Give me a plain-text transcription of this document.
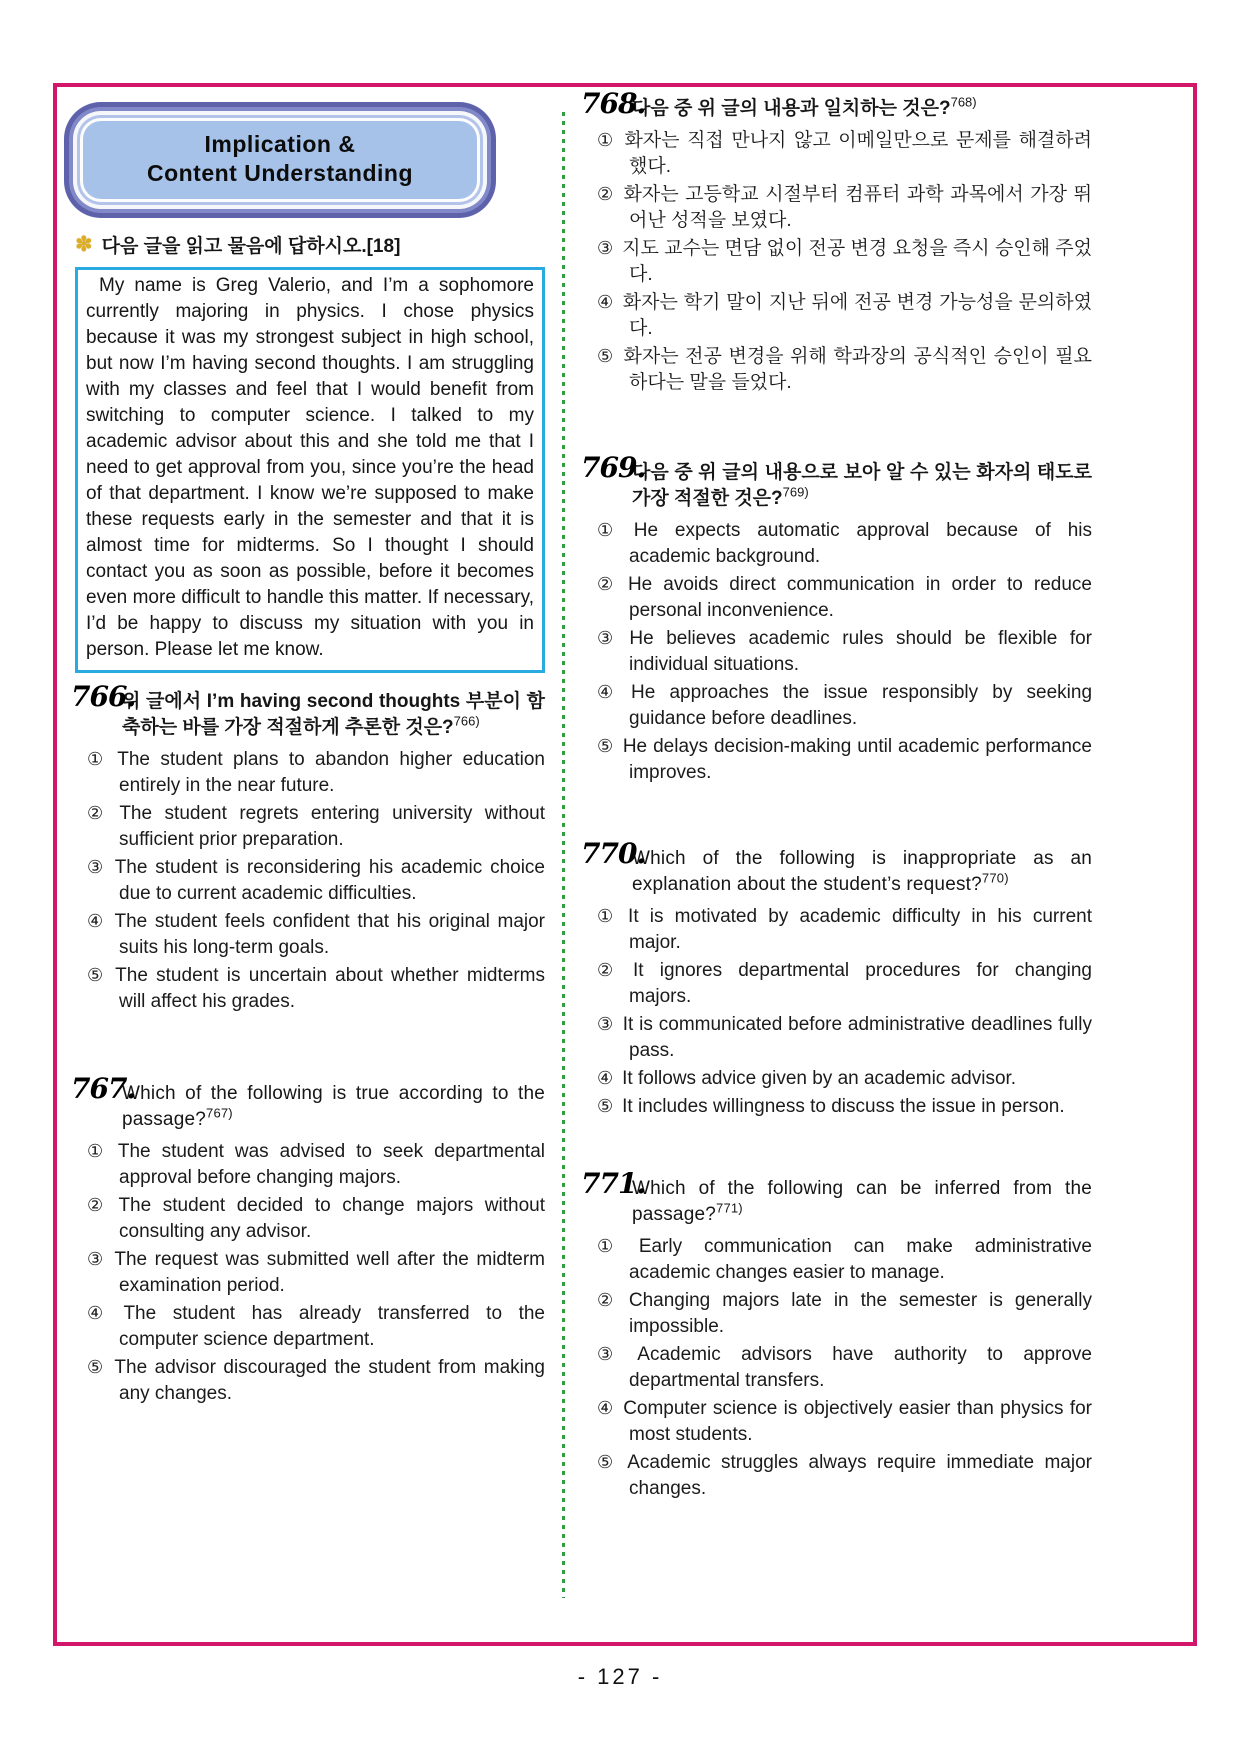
Implication &
Content Understanding
✽ 다음 글을 읽고 물음에 답하시오.[18]

My name is Greg Valerio, and I’m a sophomore currently majoring in physics. I chose physics because it was my strongest subject in high school, but now I’m having second thoughts. I am struggling with my classes and feel that I would benefit from switching to computer science. I talked to my academic advisor about this and she told me that I need to get approval from you, since you’re the head of that department. I know we’re supposed to make these requests early in the semester and that it is almost time for midterms. So I thought I should contact you as soon as possible, before it becomes even more difficult to handle this matter. If necessary, I’d be happy to discuss my situation with you in person. Please let me know.

766.
위 글에서 I’m having second thoughts 부분이 함축하는 바를 가장 적절하게 추론한 것은?$^{766)}$
① The student plans to abandon higher education entirely in the near future.
② The student regrets entering university without sufficient prior preparation.
③ The student is reconsidering his academic choice due to current academic difficulties.
④ The student feels confident that his original major suits his long-term goals.
⑤ The student is uncertain about whether midterms will affect his grades.
767.
Which of the following is true according to the passage?$^{767)}$
① The student was advised to seek departmental approval before changing majors.
② The student decided to change majors without consulting any advisor.
③ The request was submitted well after the midterm examination period.
④ The student has already transferred to the computer science department.
⑤ The advisor discouraged the student from making any changes.
768.
다음 중 위 글의 내용과 일치하는 것은?$^{768)}$
① 화자는 직접 만나지 않고 이메일만으로 문제를 해결하려 했다.
② 화자는 고등학교 시절부터 컴퓨터 과학 과목에서 가장 뛰어난 성적을 보였다.
③ 지도 교수는 면담 없이 전공 변경 요청을 즉시 승인해 주었다.
④ 화자는 학기 말이 지난 뒤에 전공 변경 가능성을 문의하였다.
⑤ 화자는 전공 변경을 위해 학과장의 공식적인 승인이 필요하다는 말을 들었다.
769.
다음 중 위 글의 내용으로 보아 알 수 있는 화자의 태도로 가장 적절한 것은?$^{769)}$
① He expects automatic approval because of his academic background.
② He avoids direct communication in order to reduce personal inconvenience.
③ He believes academic rules should be flexible for individual situations.
④ He approaches the issue responsibly by seeking guidance before deadlines.
⑤ He delays decision-making until academic performance improves.
770.
Which of the following is inappropriate as an explanation about the student’s request?$^{770)}$
① It is motivated by academic difficulty in his current major.
② It ignores departmental procedures for changing majors.
③ It is communicated before administrative deadlines fully pass.
④ It follows advice given by an academic advisor.
⑤ It includes willingness to discuss the issue in person.
771.
Which of the following can be inferred from the passage?$^{771)}$
① Early communication can make administrative academic changes easier to manage.
② Changing majors late in the semester is generally impossible.
③ Academic advisors have authority to approve departmental transfers.
④ Computer science is objectively easier than physics for most students.
⑤ Academic struggles always require immediate major changes.
- 127 -
